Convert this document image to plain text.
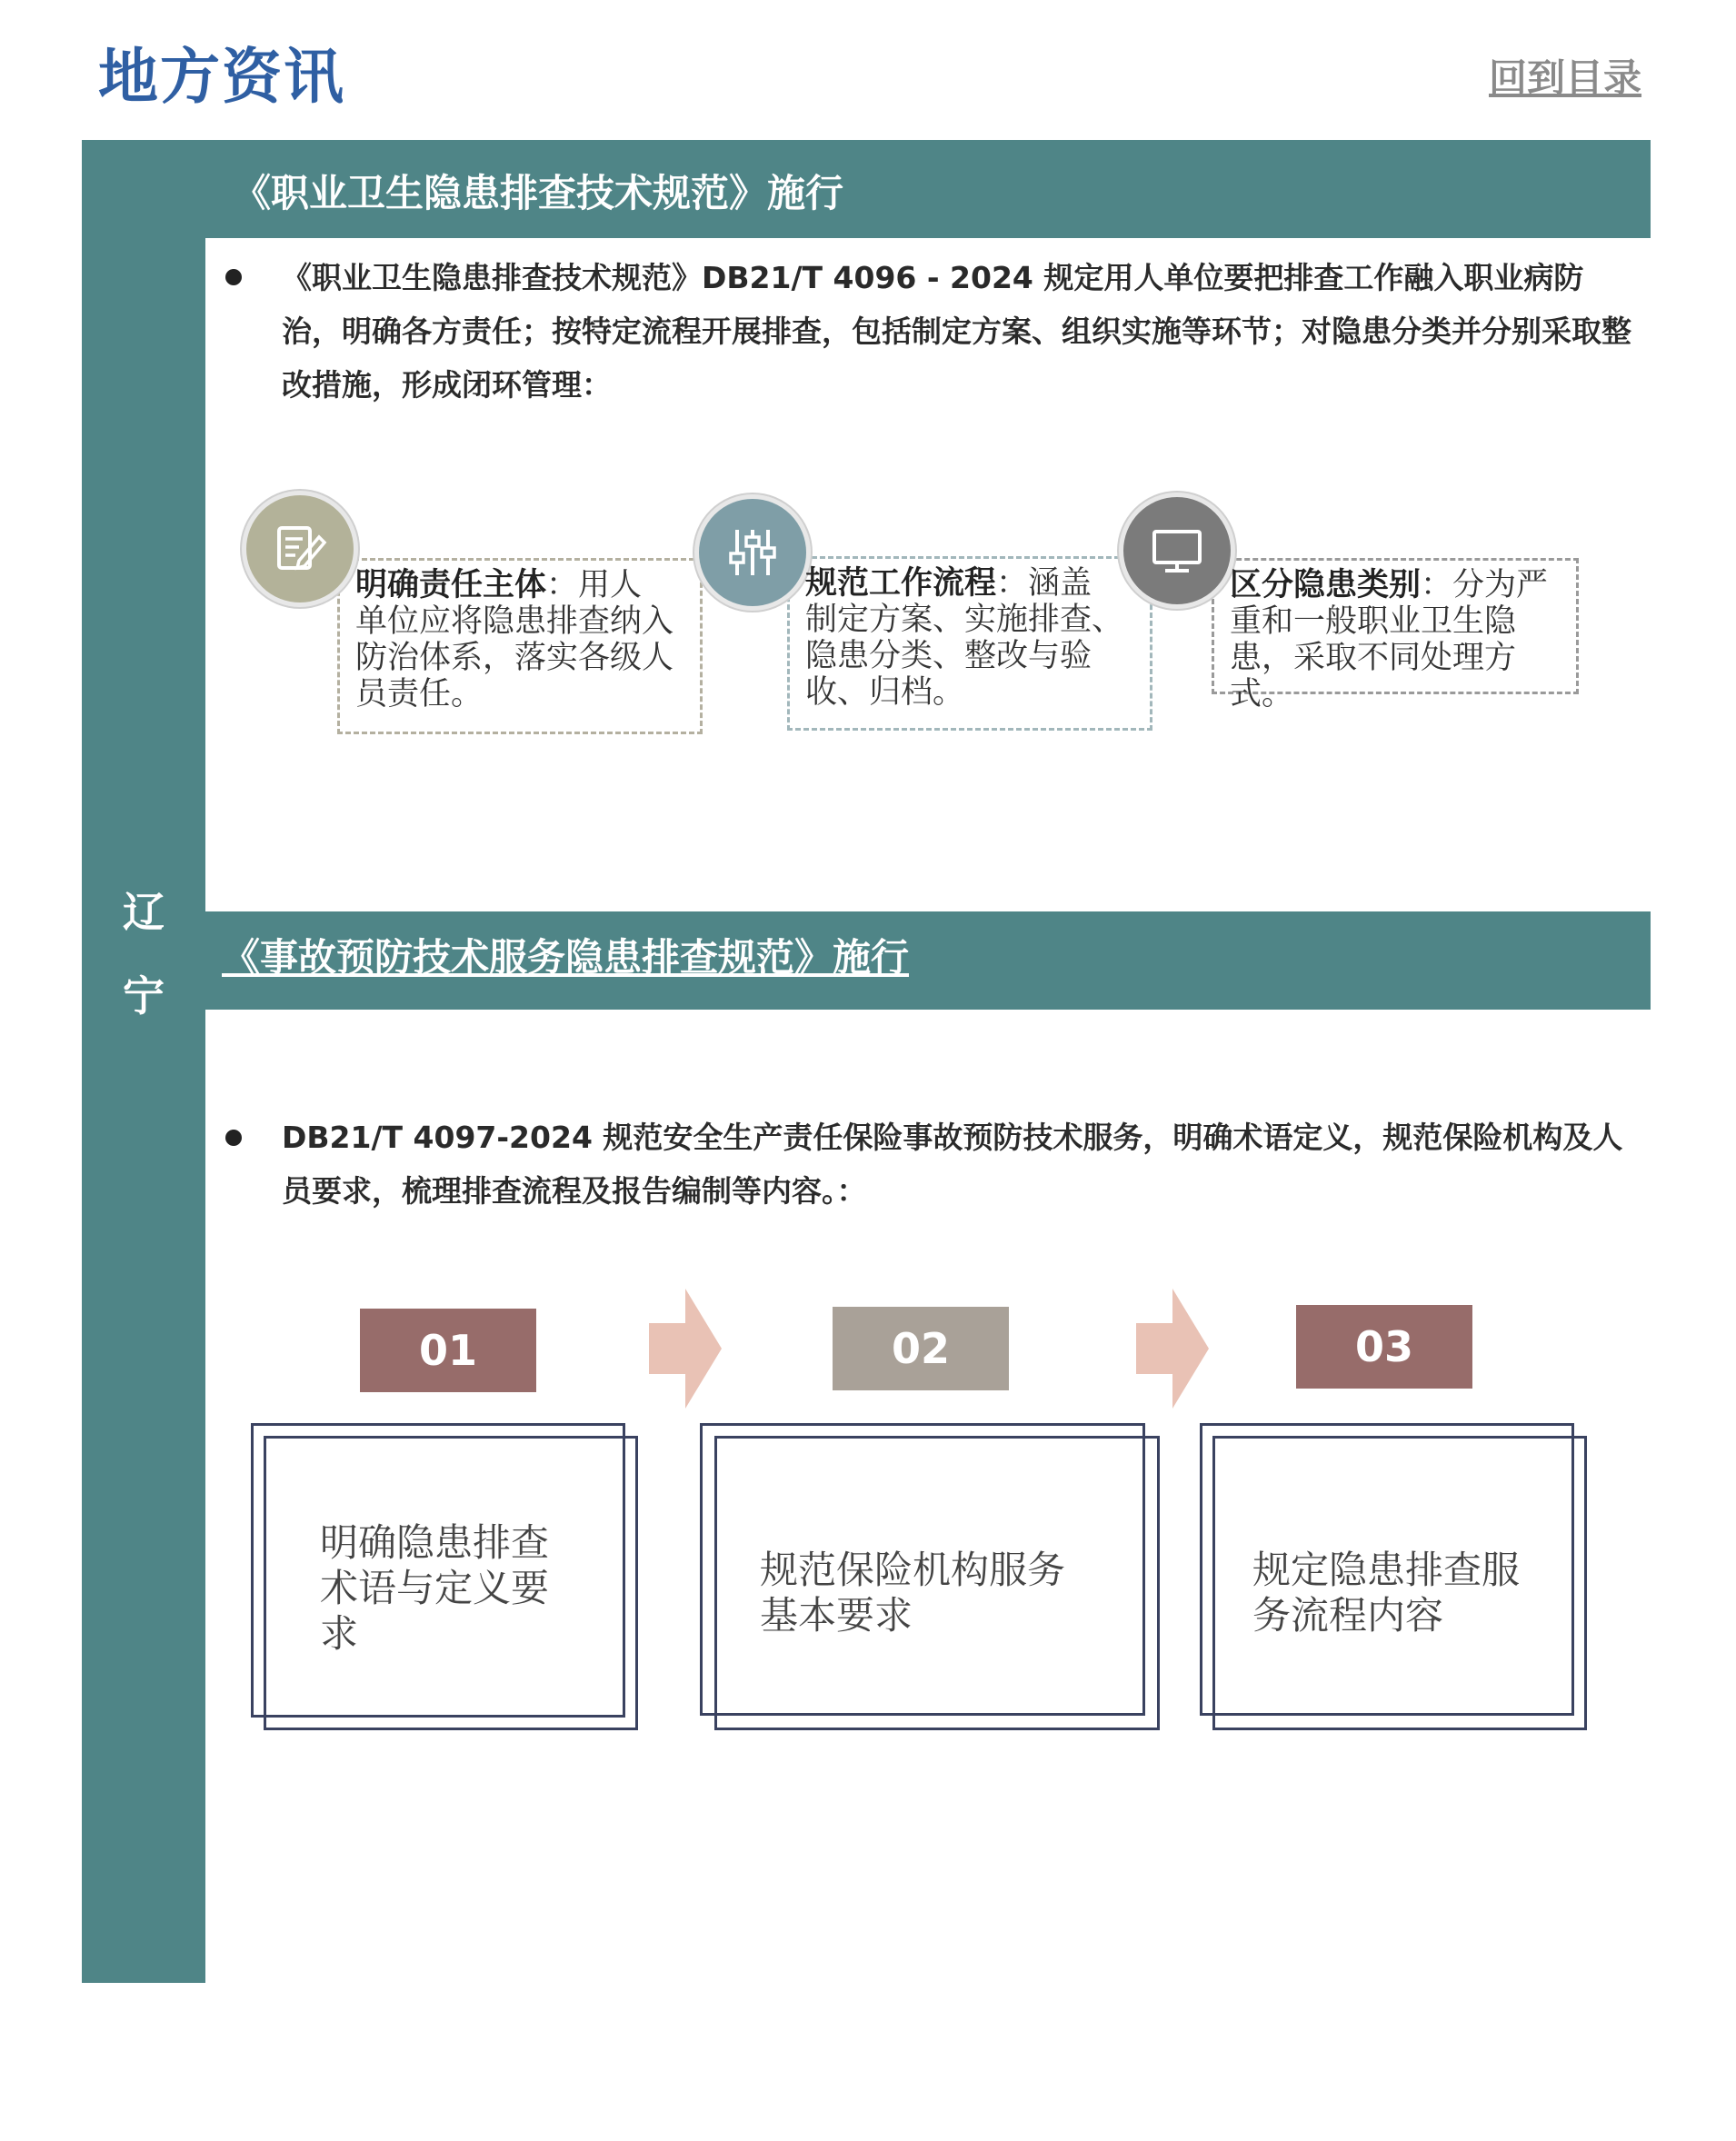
地方资讯	回到目录
辽
宁
《职业卫生隐患排查技术规范》施行
《职业卫生隐患排查技术规范》DB21/T 4096 - 2024 规定用人单位要把排查工作融入职业病防治，明确各方责任；按特定流程开展排查，包括制定方案、组织实施等环节；对隐患分类并分别采取整改措施，形成闭环管理：
明确责任主体：用人单位应将隐患排查纳入防治体系，落实各级人员责任。
规范工作流程：涵盖制定方案、实施排查、隐患分类、整改与验收、归档。
区分隐患类别：分为严重和一般职业卫生隐患，采取不同处理方式。
《事故预防技术服务隐患排查规范》施行
DB21/T 4097-2024 规范安全生产责任保险事故预防技术服务，明确术语定义，规范保险机构及人员要求，梳理排查流程及报告编制等内容。：
01	02	03
明确隐患排查术语与定义要求
规范保险机构服务基本要求
规定隐患排查服务流程内容
